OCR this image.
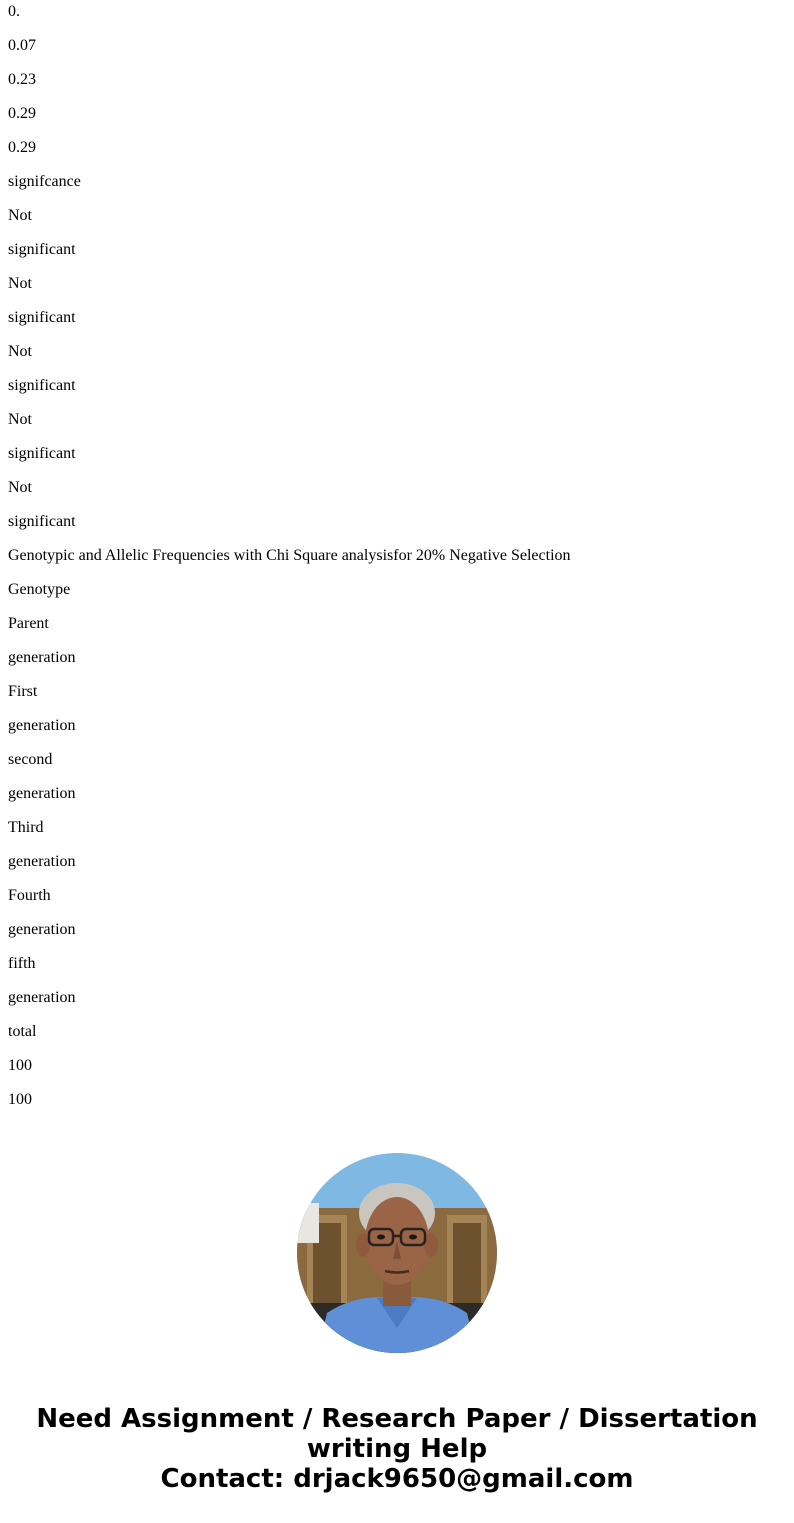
0.
0.07
0.23
0.29
0.29
signifcance
Not
significant
Not
significant
Not
significant
Not
significant
Not
significant
Genotypic and Allelic Frequencies with Chi Square analysisfor 20% Negative Selection
Genotype
Parent
generation
First
generation
second
generation
Third
generation
Fourth
generation
fifth
generation
total
100
100
Need Assignment / Research Paper / Dissertation
writing Help
Contact: drjack9650@gmail.com
